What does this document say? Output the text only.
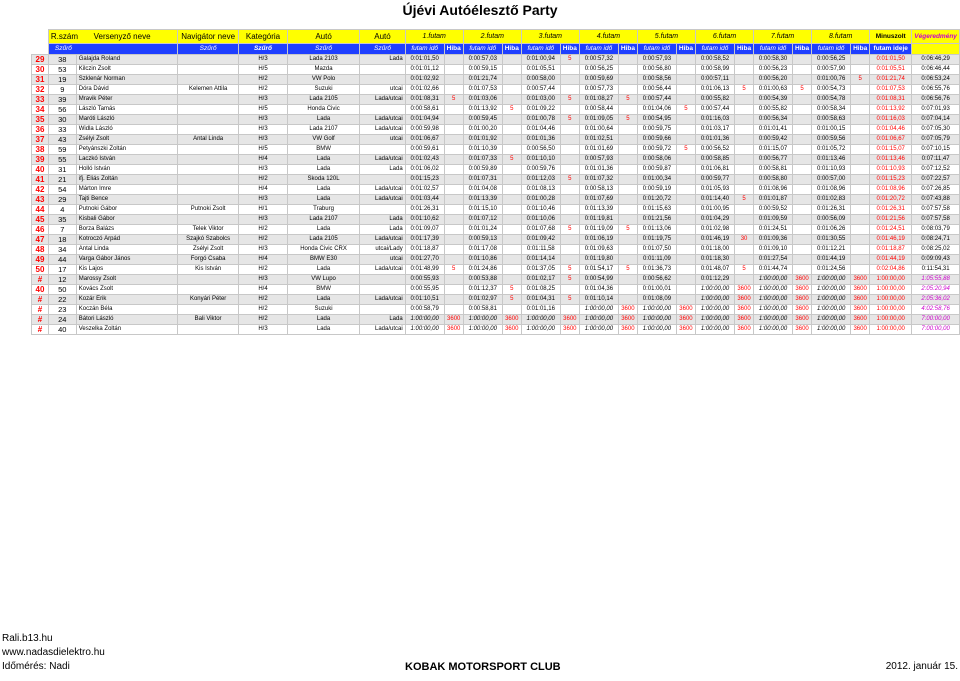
Újévi Autóélesztő Party
	R.szám Versenyző neve		Navigátor neve	Kategória	Autó	Autó	1.futam		2.futam		3.futam		4.futam		5.futam		6.futam		7.futam		8.futam		Minuszolt	Végeredmény
	Szűrő		Szűrő	Szűrő	Szűrő	Szűrő	futam idő	Hiba	futam idő	Hiba	futam idő	Hiba	futam idő	Hiba	futam idő	Hiba	futam idő	Hiba	futam idő	Hiba	futam idő	Hiba	futam ideje	
29	38	Galajda Roland		H/3	Lada 2103	Lada	0:01:01,50		0:00:57,03		0:01:00,94	5	0:00:57,32		0:00:57,93		0:00:58,52		0:00:58,30		0:00:56,25		0:01:01,50	0:06:46,29
30	53	Kilczin Zsolt		H/5	Mazda		0:01:01,12		0:00:59,15		0:01:05,51		0:00:56,25		0:00:56,80		0:00:58,99		0:00:56,23		0:00:57,90		0:01:05,51	0:06:46,44
31	19	Szklenár Norman		H/2	VW Polo		0:01:02,92		0:01:21,74		0:00:58,00		0:00:59,69		0:00:58,56		0:00:57,11		0:00:56,20		0:01:00,76	5	0:01:21,74	0:06:53,24
32	9	Dóra Dávid	Kelemen Attila	H/2	Suzuki	utcai	0:01:02,66		0:01:07,53		0:00:57,44		0:00:57,73		0:00:56,44		0:01:06,13	5	0:01:00,63	5	0:00:54,73		0:01:07,53	0:06:55,76
33	39	Mravik Péter		H/3	Lada 2105	Lada/utcai	0:01:08,31	5	0:01:03,06		0:01:03,00	5	0:01:08,27	5	0:00:57,44		0:00:55,82		0:00:54,39		0:00:54,78		0:01:08,31	0:06:56,76
34	56	László Tamás		H/5	Honda Civic		0:00:58,61		0:01:13,92	5	0:01:09,22		0:00:58,44		0:01:04,06	5	0:00:57,44		0:00:55,82		0:00:58,34		0:01:13,92	0:07:01,93
35	30	Maróti László		H/3	Lada	Lada/utcai	0:01:04,94		0:00:59,45		0:01:00,78	5	0:01:09,05	5	0:00:54,95		0:01:16,03		0:00:56,34		0:00:58,63		0:01:16,03	0:07:04,14
36	33	Widla László		H/3	Lada 2107	Lada/utcai	0:00:59,98		0:01:00,20		0:01:04,46		0:01:00,64		0:00:59,75		0:01:03,17		0:01:01,41		0:01:00,15		0:01:04,46	0:07:05,30
37	43	Zsélyi Zsolt	Antal Linda	H/3	VW Golf	utcai	0:01:06,67		0:01:01,92		0:01:01,36		0:01:02,51		0:00:59,66		0:01:01,36		0:00:59,42		0:00:59,56		0:01:06,67	0:07:05,79
38	59	Petyánszki Zoltán		H/5	BMW		0:00:59,61		0:01:10,39		0:00:56,50		0:01:01,69		0:00:59,72	5	0:00:56,52		0:01:15,07		0:01:05,72		0:01:15,07	0:07:10,15
39	55	Laczkó István		H/4	Lada	Lada/utcai	0:01:02,43		0:01:07,33	5	0:01:10,10		0:00:57,93		0:00:58,06		0:00:58,85		0:00:56,77		0:01:13,46		0:01:13,46	0:07:11,47
40	31	Holló István		H/3	Lada	Lada	0:01:06,02		0:00:59,89		0:00:59,76		0:01:01,36		0:00:59,87		0:01:06,81		0:00:58,81		0:01:10,93		0:01:10,93	0:07:12,52
41	21	ifj. Éliás Zoltán		H/2	Skoda 120L		0:01:15,23		0:01:07,31		0:01:12,03	5	0:01:07,32		0:01:00,34		0:00:59,77		0:00:58,80		0:00:57,00		0:01:15,23	0:07:22,57
42	54	Márton Imre		H/4	Lada	Lada/utcai	0:01:02,57		0:01:04,08		0:01:08,13		0:00:58,13		0:00:59,19		0:01:05,93		0:01:08,96		0:01:08,96		0:01:08,96	0:07:26,85
43	29	Tajti Bence		H/3	Lada	Lada/utcai	0:01:03,44		0:01:13,39		0:01:00,28		0:01:07,69		0:01:20,72		0:01:14,40	5	0:01:01,87		0:01:02,83		0:01:20,72	0:07:43,88
44	4	Putnoki Gábor	Putnoki Zsolt	H/1	Traburg		0:01:26,31		0:01:15,10		0:01:10,46		0:01:13,39		0:01:15,63		0:01:00,95		0:00:59,52		0:01:26,31		0:01:26,31	0:07:57,58
45	35	Kisbali Gábor		H/3	Lada 2107	Lada	0:01:10,62		0:01:07,12		0:01:10,06		0:01:19,81		0:01:21,56		0:01:04,29		0:01:09,59		0:00:56,09		0:01:21,56	0:07:57,58
46	7	Borza Balázs	Telek Viktor	H/2	Lada	Lada	0:01:09,07		0:01:01,24		0:01:07,68	5	0:01:19,09	5	0:01:13,06		0:01:02,98		0:01:24,51		0:01:06,26		0:01:24,51	0:08:03,79
47	18	Kotroczó Árpád	Szajkó Szabolcs	H/2	Lada 2105	Lada/utcai	0:01:17,39		0:00:59,13		0:01:09,42		0:01:06,19		0:01:19,75		0:01:46,19	30	0:01:09,36		0:01:30,55		0:01:46,19	0:08:24,71
48	34	Antal Linda	Zsélyi Zsolt	H/3	Honda Civic CRX	utcai/Lady	0:01:18,87		0:01:17,08		0:01:11,58		0:01:09,63		0:01:07,50		0:01:18,00		0:01:09,10		0:01:12,21		0:01:18,87	0:08:25,02
49	44	Varga Gábor János	Forgó Csaba	H/4	BMW E30	utcai	0:01:27,70		0:01:10,86		0:01:14,14		0:01:19,80		0:01:11,09		0:01:18,30		0:01:27,54		0:01:44,19		0:01:44,19	0:09:09,43
50	17	Kis Lajos	Kis István	H/2	Lada	Lada/utcai	0:01:48,99	5	0:01:24,86		0:01:37,05	5	0:01:54,17	5	0:01:36,73		0:01:48,07	5	0:01:44,74		0:01:24,56		0:02:04,86	0:11:54,31
#	12	Marossy Zsolt		H/3	VW Lupo		0:00:55,93		0:00:53,88		0:01:02,17	5	0:00:54,99		0:00:56,62		0:01:12,29		1:00:00,00	3600	1:00:00,00	3600	1:00:00,00	1:05:55,88
40	50	Kovács Zsolt		H/4	BMW		0:00:55,95		0:01:12,37	5	0:01:08,25		0:01:04,36		0:01:00,01		1:00:00,00	3600	1:00:00,00	3600	1:00:00,00	3600	1:00:00,00	2:05:20,94
#	22	Kozár Erik	Konyári Péter	H/2	Lada	Lada/utcai	0:01:10,51		0:01:02,97	5	0:01:04,31	5	0:01:10,14		0:01:08,09		1:00:00,00	3600	1:00:00,00	3600	1:00:00,00	3600	1:00:00,00	2:05:36,02
#	23	Koczán Béla		H/2	Suzuki		0:00:58,79		0:00:58,81		0:01:01,16		1:00:00,00	3600	1:00:00,00	3600	1:00:00,00	3600	1:00:00,00	3600	1:00:00,00	3600	1:00:00,00	4:02:58,76
#	24	Bátori László	Bali Viktor	H/2	Lada	Lada	1:00:00,00	3600	1:00:00,00	3600	1:00:00,00	3600	1:00:00,00	3600	1:00:00,00	3600	1:00:00,00	3600	1:00:00,00	3600	1:00:00,00	3600	1:00:00,00	7:00:00,00
#	40	Veszelka Zoltán		H/3	Lada	Lada/utcai	1:00:00,00	3600	1:00:00,00	3600	1:00:00,00	3600	1:00:00,00	3600	1:00:00,00	3600	1:00:00,00	3600	1:00:00,00	3600	1:00:00,00	3600	1:00:00,00	7:00:00,00
Rali.b13.hu
www.nadasdielektro.hu
Időmérés: Nadi	KOBAK MOTORSPORT CLUB	2012. január 15.
